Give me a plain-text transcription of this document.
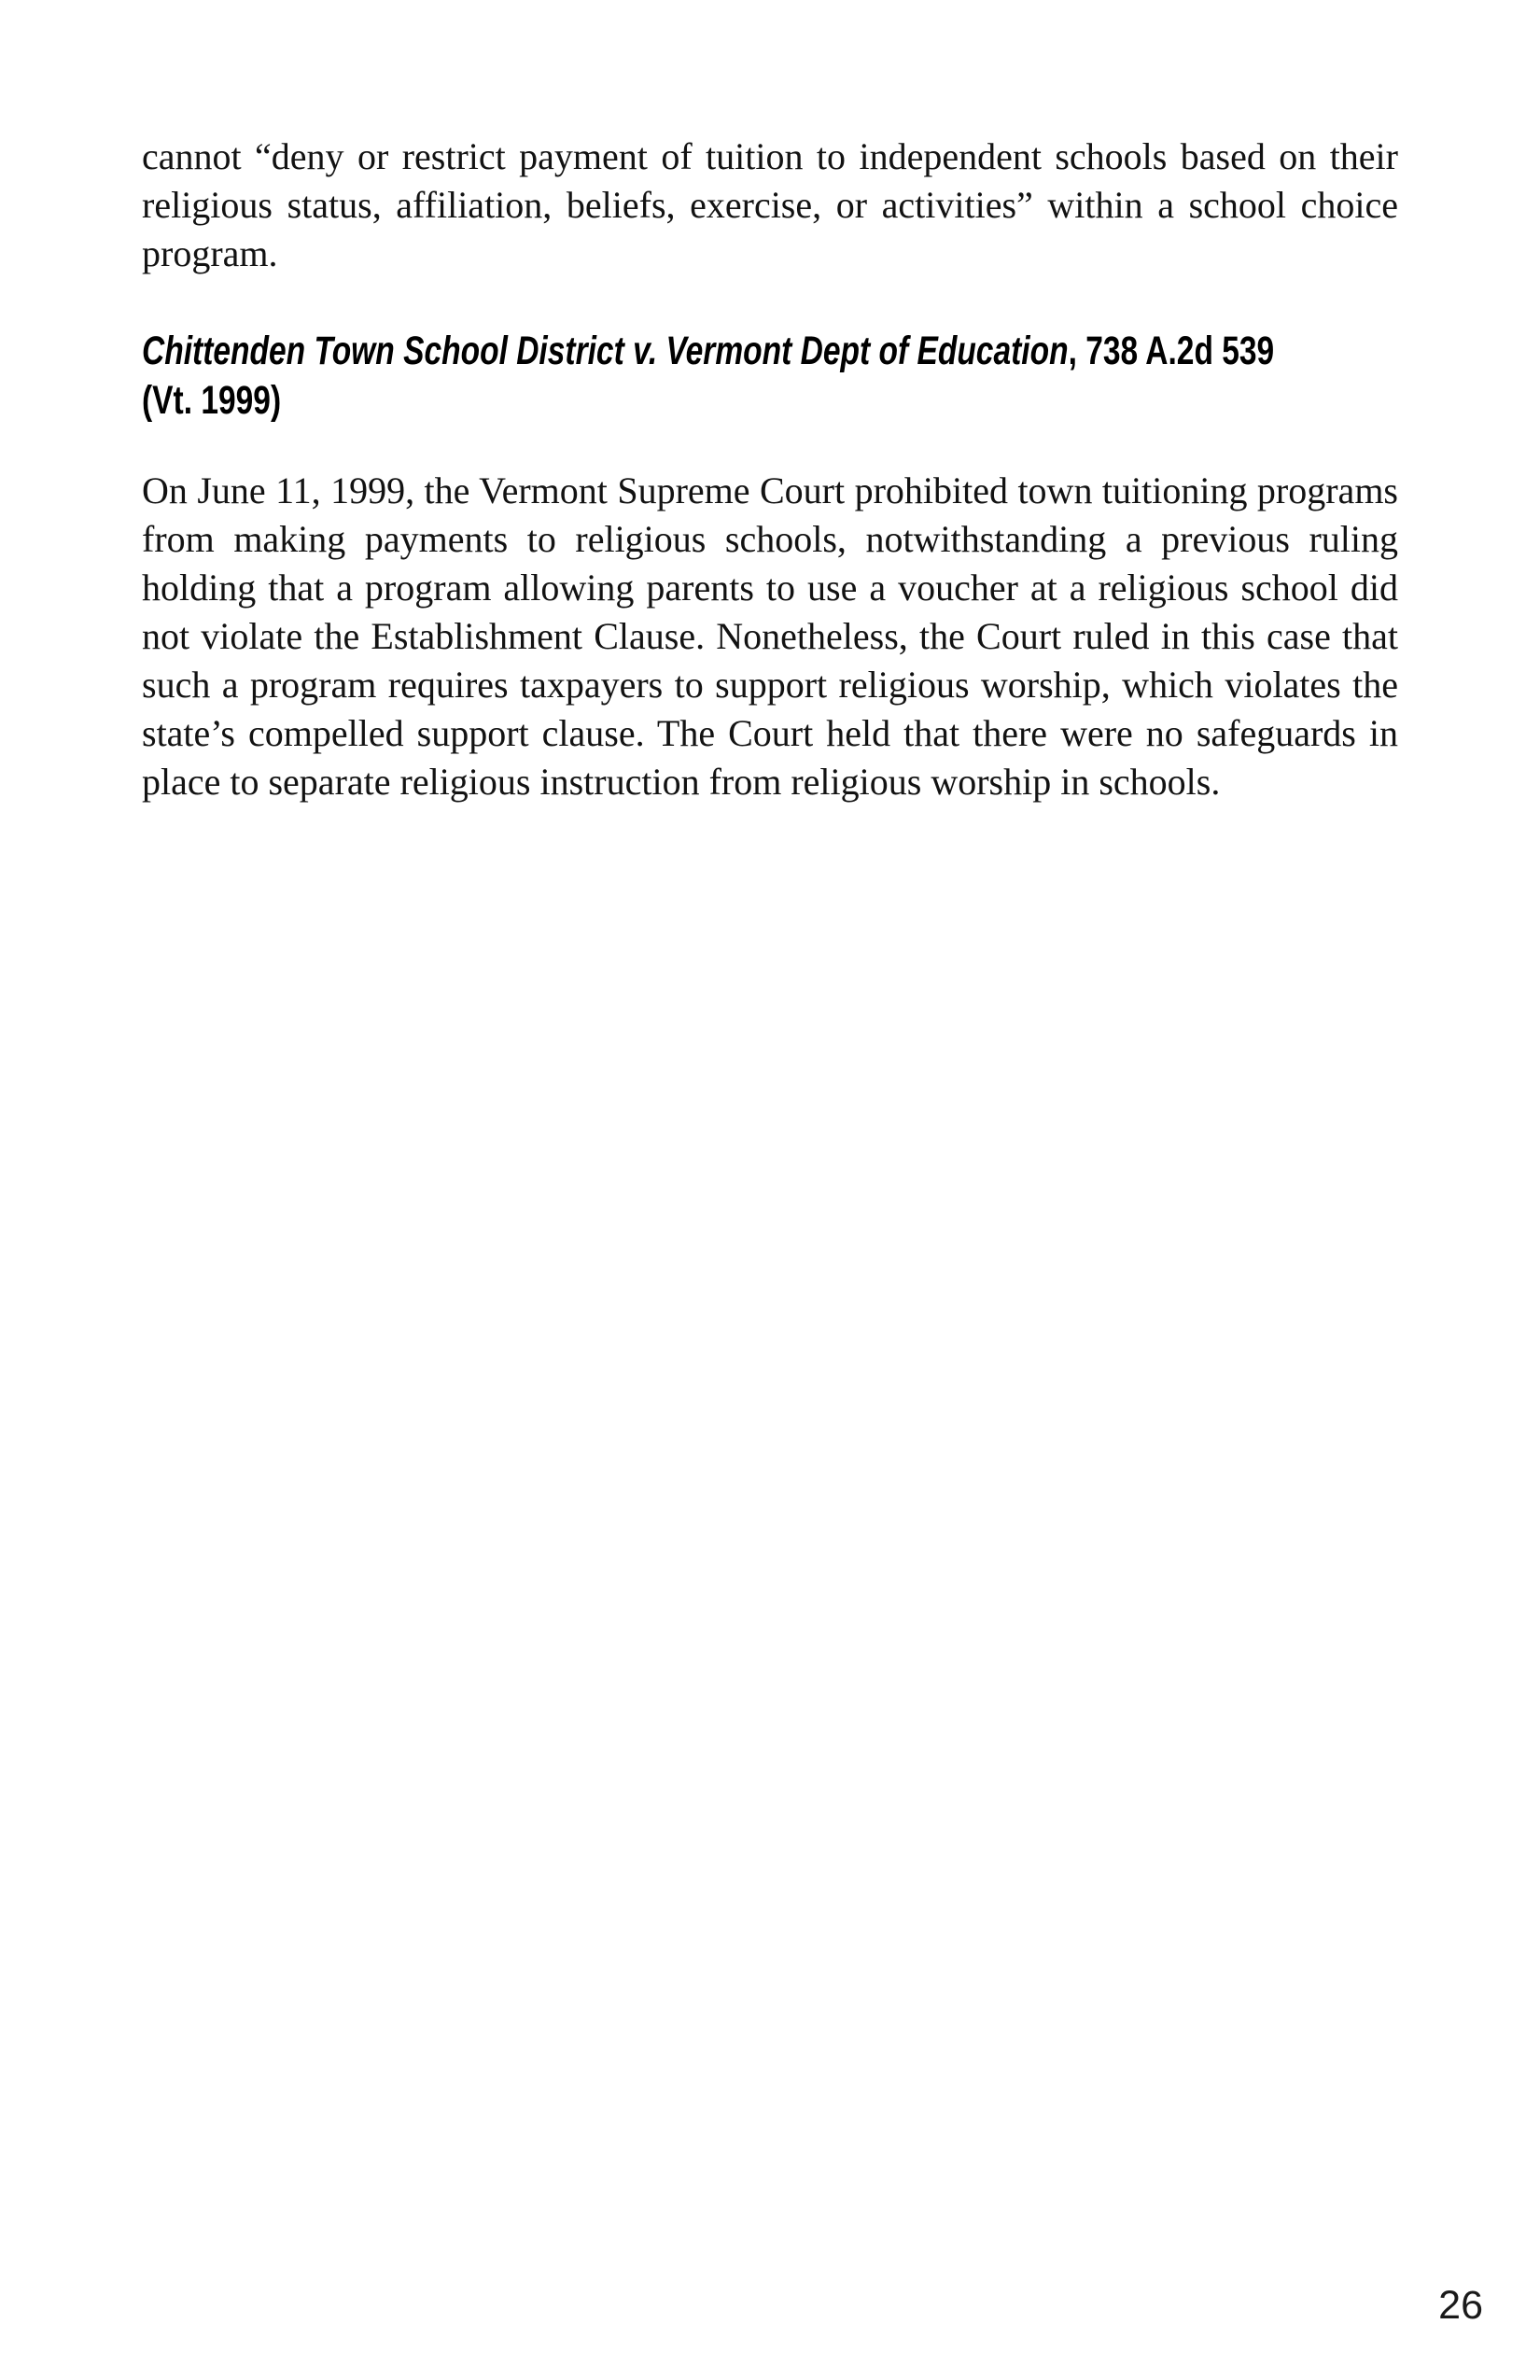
cannot “deny or restrict payment of tuition to independent schools based on their religious status, affiliation, beliefs, exercise, or activities” within a school choice program.

Chittenden Town School District v. Vermont Dept of Education, 738 A.2d 539
(Vt. 1999)

On June 11, 1999, the Vermont Supreme Court prohibited town tuitioning programs from making payments to religious schools, notwithstanding a previous ruling holding that a program allowing parents to use a voucher at a religious school did not violate the Establishment Clause. Nonetheless, the Court ruled in this case that such a program requires taxpayers to support religious worship, which violates the state’s compelled support clause. The Court held that there were no safeguards in place to separate religious instruction from religious worship in schools.

26
